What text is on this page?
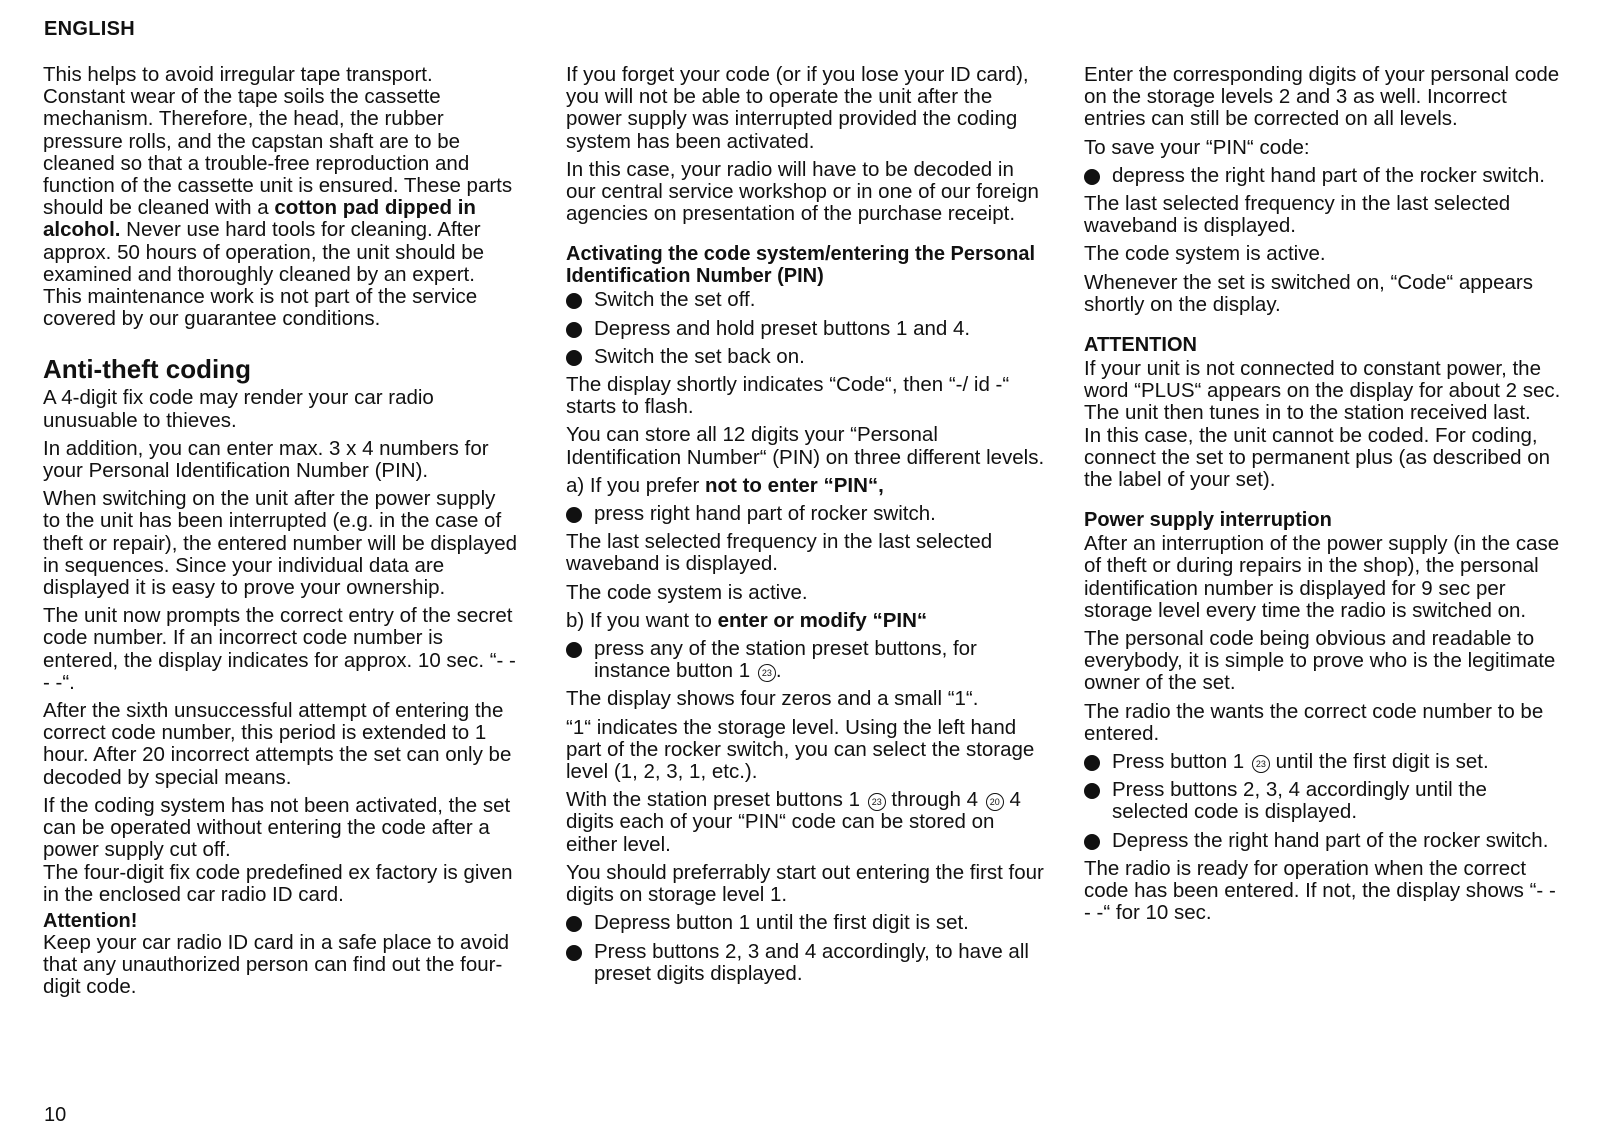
ENGLISH

This helps to avoid irregular tape transport. Constant wear of the tape soils the cassette mechanism. Therefore, the head, the rubber pressure rolls, and the capstan shaft are to be cleaned so that a trouble-free reproduction and function of the cassette unit is ensured. These parts should be cleaned with a cotton pad dipped in alcohol. Never use hard tools for cleaning. After approx. 50 hours of operation, the unit should be examined and thoroughly cleaned by an expert.

This maintenance work is not part of the service covered by our guarantee conditions.

Anti-theft coding

A 4-digit fix code may render your car radio unusuable to thieves.

In addition, you can enter max. 3 x 4 numbers for your Personal Identification Number (PIN).

When switching on the unit after the power supply to the unit has been interrupted (e.g. in the case of theft or repair), the entered number will be displayed in sequences. Since your individual data are displayed it is easy to prove your ownership.

The unit now prompts the correct entry of the secret code number. If an incorrect code number is entered, the display indicates for approx. 10 sec. “- - - -“.

After the sixth unsuccessful attempt of entering the correct code number, this period is extended to 1 hour. After 20 incorrect attempts the set can only be decoded by special means.

If the coding system has not been activated, the set can be operated without entering the code after a power supply cut off.

The four-digit fix code predefined ex factory is given in the enclosed car radio ID card.

Attention!

Keep your car radio ID card in a safe place to avoid that any unauthorized person can find out the four-digit code.

If you forget your code (or if you lose your ID card), you will not be able to operate the unit after the power supply was interrupted provided the coding system has been activated.

In this case, your radio will have to be decoded in our central service workshop or in one of our foreign agencies on presentation of the purchase receipt.

Activating the code system/entering the Personal Identification Number (PIN)
Switch the set off.
Depress and hold preset buttons 1 and 4.
Switch the set back on.

The display shortly indicates “Code“, then “-/ id -“ starts to flash.

You can store all 12 digits your “Personal Identification Number“ (PIN) on three different levels.

a) If you prefer not to enter “PIN“,

press right hand part of rocker switch.

The last selected frequency in the last selected waveband is displayed.

The code system is active.

b) If you want to enter or modify “PIN“

press any of the station preset buttons, for instance button 1 23 .

The display shows four zeros and a small “1“.

“1“ indicates the storage level. Using the left hand part of the rocker switch, you can select the storage level (1, 2, 3, 1, etc.).

With the station preset buttons 1 23 through 4 20 4 digits each of your “PIN“ code can be stored on either level.

You should preferrably start out entering the first four digits on storage level 1.

Depress button 1 until the first digit is set.
Press buttons 2, 3 and 4 accordingly, to have all preset digits displayed.

Enter the corresponding digits of your personal code on the storage levels 2 and 3 as well. Incorrect entries can still be corrected on all levels.

To save your “PIN“ code:

depress the right hand part of the rocker switch.

The last selected frequency in the last selected waveband is displayed.

The code system is active.

Whenever the set is switched on, “Code“ appears shortly on the display.

ATTENTION

If your unit is not connected to constant power, the word “PLUS“ appears on the display for about 2 sec.

The unit then tunes in to the station received last.

In this case, the unit cannot be coded. For coding, connect the set to permanent plus (as described on the label of your set).

Power supply interruption

After an interruption of the power supply (in the case of theft or during repairs in the shop), the personal identification number is displayed for 9 sec per storage level every time the radio is switched on.

The personal code being obvious and readable to everybody, it is simple to prove who is the legitimate owner of the set.

The radio the wants the correct code number to be entered.

Press button 1 23 until the first digit is set.
Press buttons 2, 3, 4 accordingly until the selected code is displayed.
Depress the right hand part of the rocker switch.

The radio is ready for operation when the correct code has been entered. If not, the display shows “- - - -“ for 10 sec.

10
